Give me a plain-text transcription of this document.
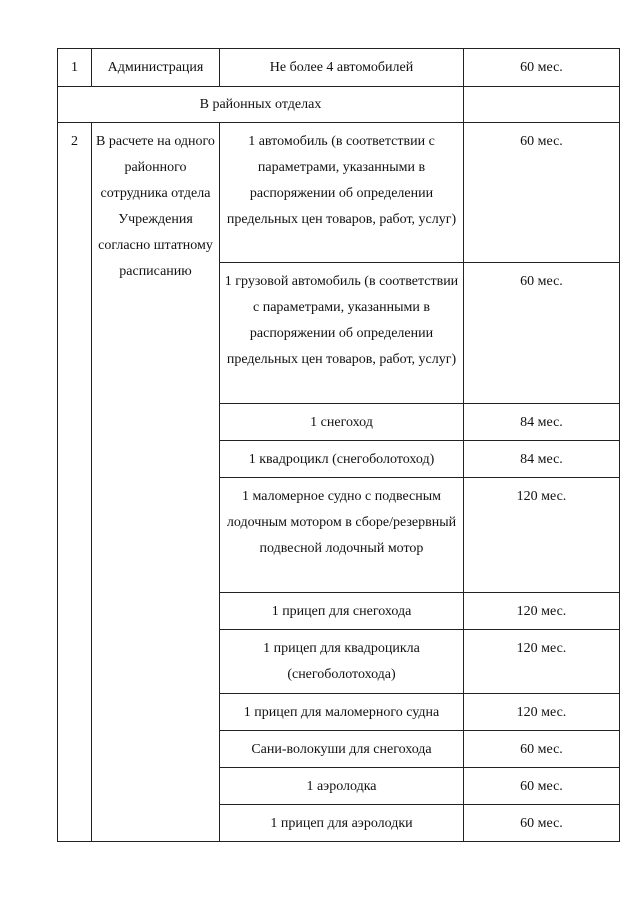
1	Администрация	Не более 4 автомобилей	60 мес.
В районных отделах			
2	В расчете на одного районного сотрудника отдела Учреждения согласно штатному расписанию	1 автомобиль (в соответствии с параметрами, указанными в распоряжении об определении предельных цен товаров, работ, услуг)	60 мес.
		1 грузовой автомобиль (в соответствии с параметрами, указанными в распоряжении об определении предельных цен товаров, работ, услуг)	60 мес.
		1 снегоход	84 мес.
		1 квадроцикл (снегоболотоход)	84 мес.
		1 маломерное судно с подвесным лодочным мотором в сборе/резервный подвесной лодочный мотор	120 мес.
		1 прицеп для снегохода	120 мес.
		1 прицеп для квадроцикла (снегоболотохода)	120 мес.
		1 прицеп для маломерного судна	120 мес.
		Сани-волокуши для снегохода	60 мес.
		1 аэролодка	60 мес.
		1 прицеп для аэролодки	60 мес.
